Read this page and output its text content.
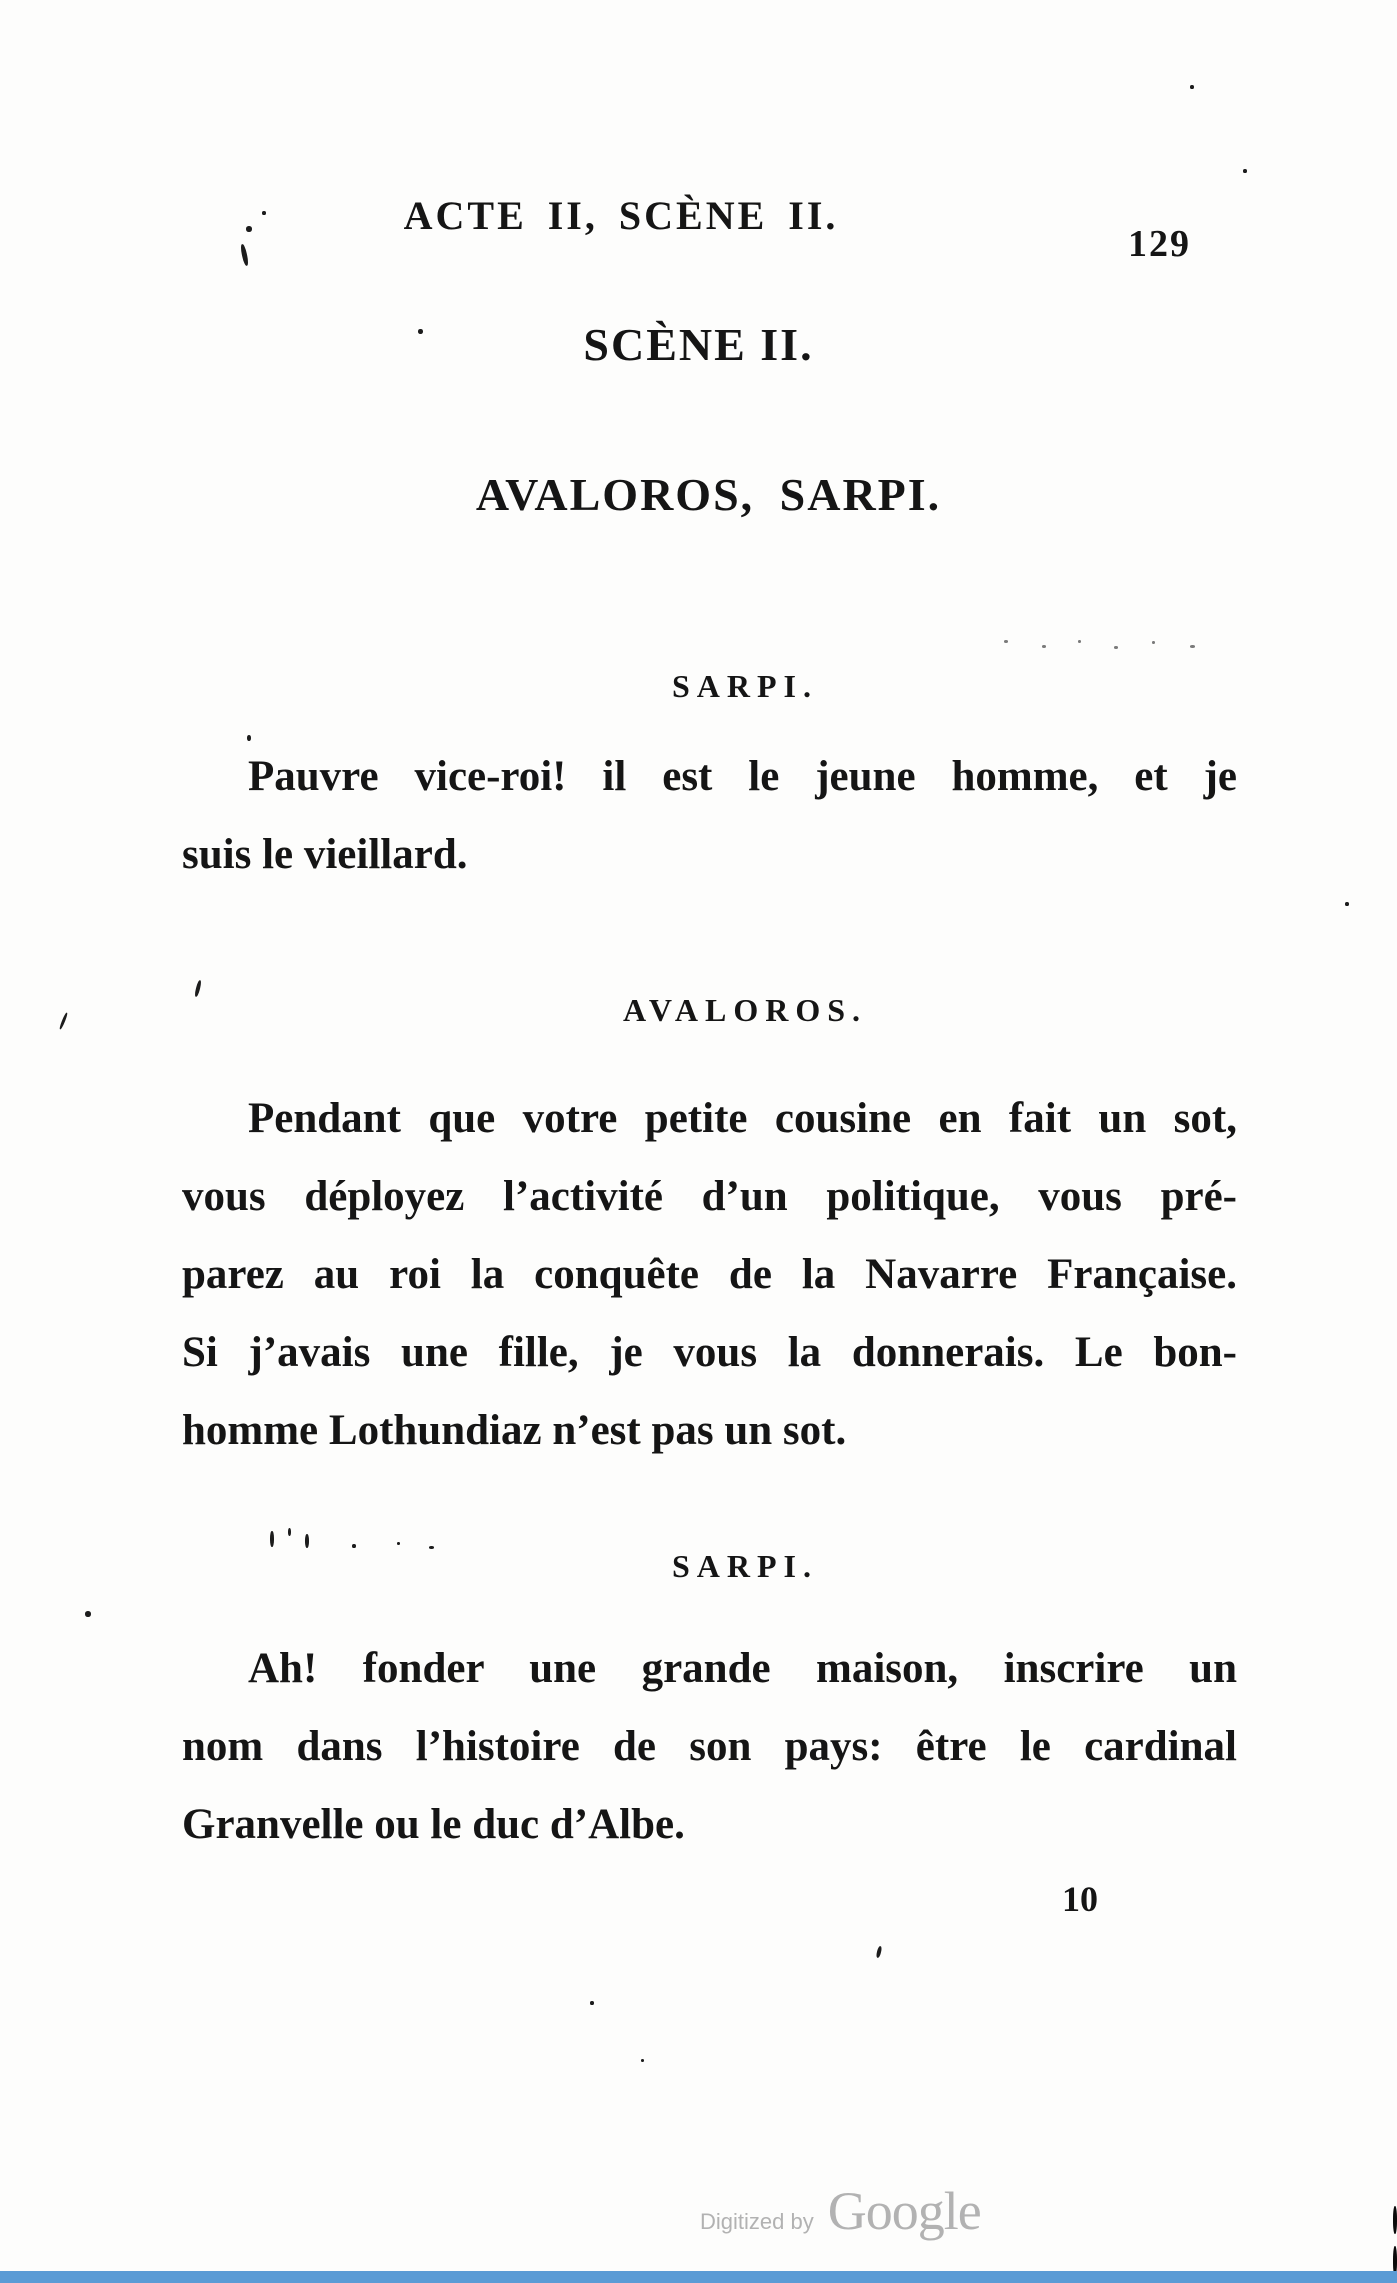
ACTE II, SCÈNE II.
129
SCÈNE II.
AVALOROS, SARPI.
SARPI.
Pauvre vice-roi! il est le jeune homme, et je
suis le vieillard.
AVALOROS.
Pendant que votre petite cousine en fait un sot,
vous déployez l’activité d’un politique, vous pré-
parez au roi la conquête de la Navarre Française.
Si j’avais une fille, je vous la donnerais. Le bon-
homme Lothundiaz n’est pas un sot.
SARPI.
Ah! fonder une grande maison, inscrire un
nom dans l’histoire de son pays: être le cardinal
Granvelle ou le duc d’Albe.
10
Digitized by Google
